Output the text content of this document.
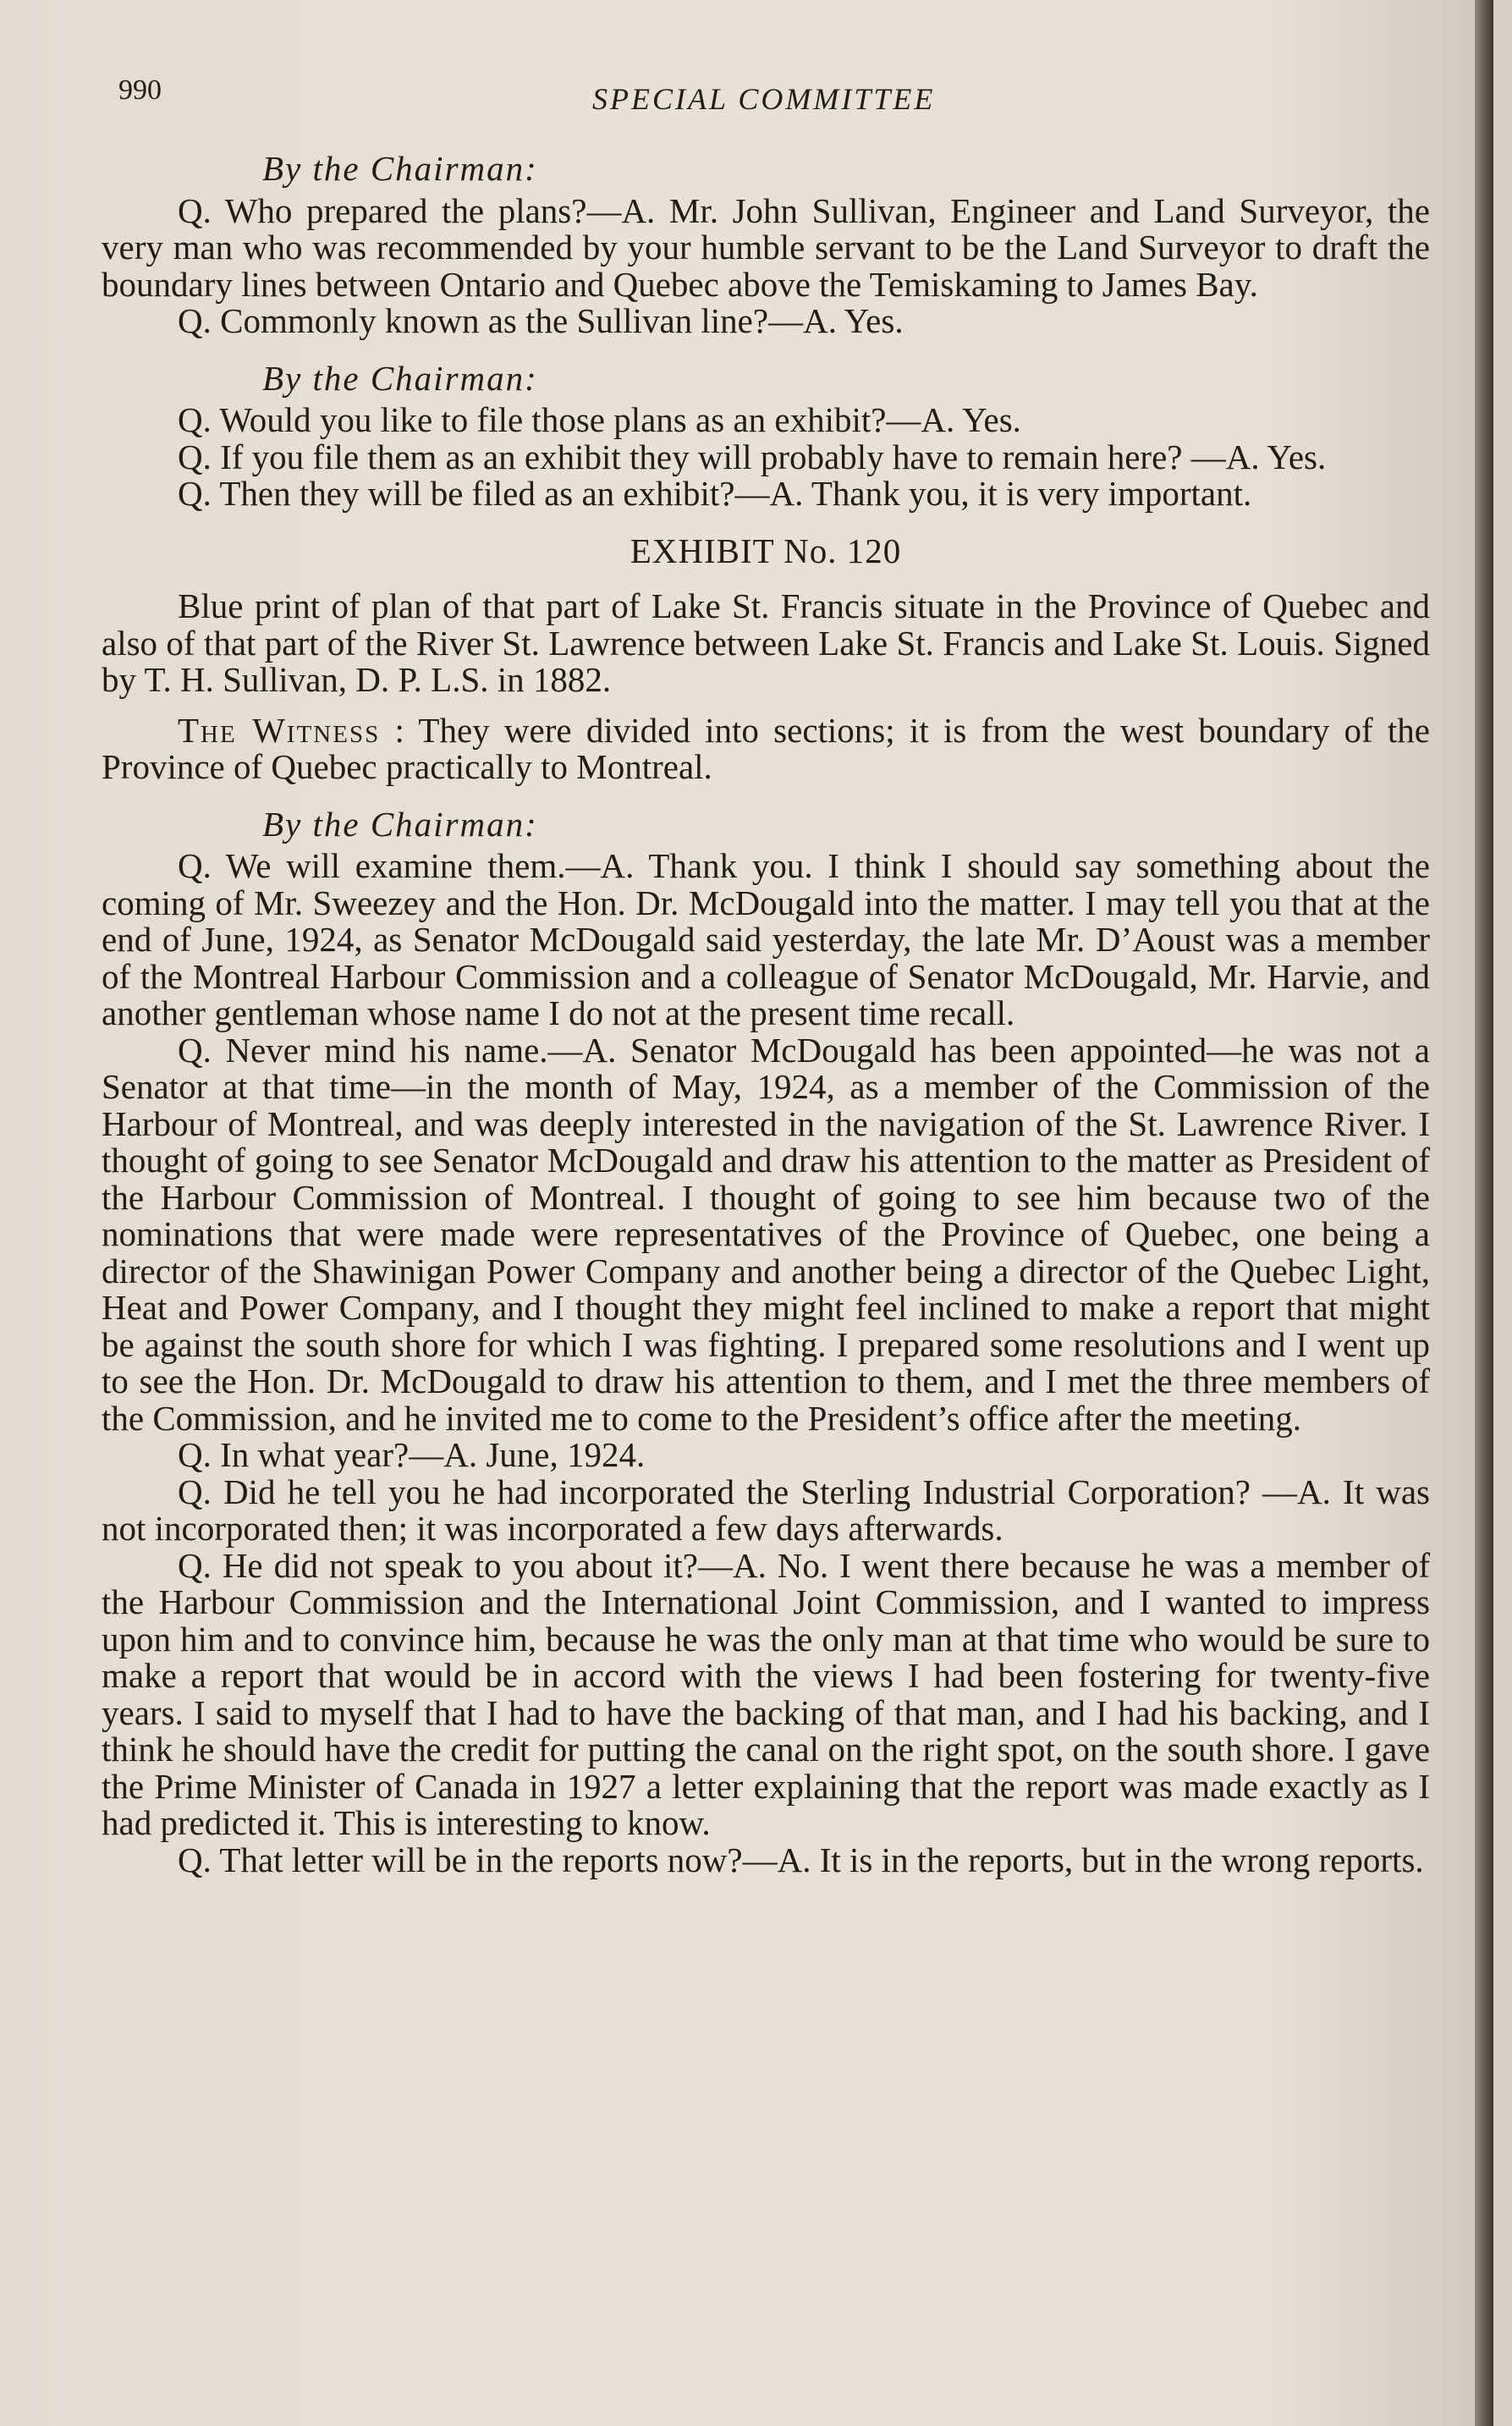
990	SPECIAL COMMITTEE
By the Chairman:

Q. Who prepared the plans?—A. Mr. John Sullivan, Engineer and Land Surveyor, the very man who was recommended by your humble servant to be the Land Surveyor to draft the boundary lines between Ontario and Quebec above the Temiskaming to James Bay.

Q. Commonly known as the Sullivan line?—A. Yes.

By the Chairman:

Q. Would you like to file those plans as an exhibit?—A. Yes.

Q. If you file them as an exhibit they will probably have to remain here? —A. Yes.

Q. Then they will be filed as an exhibit?—A. Thank you, it is very important.

EXHIBIT No. 120

Blue print of plan of that part of Lake St. Francis situate in the Province of Quebec and also of that part of the River St. Lawrence between Lake St. Francis and Lake St. Louis. Signed by T. H. Sullivan, D. P. L.S. in 1882.

The Witness : They were divided into sections; it is from the west boundary of the Province of Quebec practically to Montreal.

By the Chairman:

Q. We will examine them.—A. Thank you. I think I should say something about the coming of Mr. Sweezey and the Hon. Dr. McDougald into the matter. I may tell you that at the end of June, 1924, as Senator McDougald said yesterday, the late Mr. D’Aoust was a member of the Montreal Harbour Commission and a colleague of Senator McDougald, Mr. Harvie, and another gentleman whose name I do not at the present time recall.

Q. Never mind his name.—A. Senator McDougald has been appointed—he was not a Senator at that time—in the month of May, 1924, as a member of the Commission of the Harbour of Montreal, and was deeply interested in the navigation of the St. Lawrence River. I thought of going to see Senator McDougald and draw his attention to the matter as President of the Harbour Commission of Montreal. I thought of going to see him because two of the nominations that were made were representatives of the Province of Quebec, one being a director of the Shawinigan Power Company and another being a director of the Quebec Light, Heat and Power Company, and I thought they might feel inclined to make a report that might be against the south shore for which I was fighting. I prepared some resolutions and I went up to see the Hon. Dr. McDougald to draw his attention to them, and I met the three members of the Commission, and he invited me to come to the President’s office after the meeting.

Q. In what year?—A. June, 1924.

Q. Did he tell you he had incorporated the Sterling Industrial Corporation? —A. It was not incorporated then; it was incorporated a few days afterwards.

Q. He did not speak to you about it?—A. No. I went there because he was a member of the Harbour Commission and the International Joint Commission, and I wanted to impress upon him and to convince him, because he was the only man at that time who would be sure to make a report that would be in accord with the views I had been fostering for twenty-five years. I said to myself that I had to have the backing of that man, and I had his backing, and I think he should have the credit for putting the canal on the right spot, on the south shore. I gave the Prime Minister of Canada in 1927 a letter explaining that the report was made exactly as I had predicted it. This is interesting to know.

Q. That letter will be in the reports now?—A. It is in the reports, but in the wrong reports.
